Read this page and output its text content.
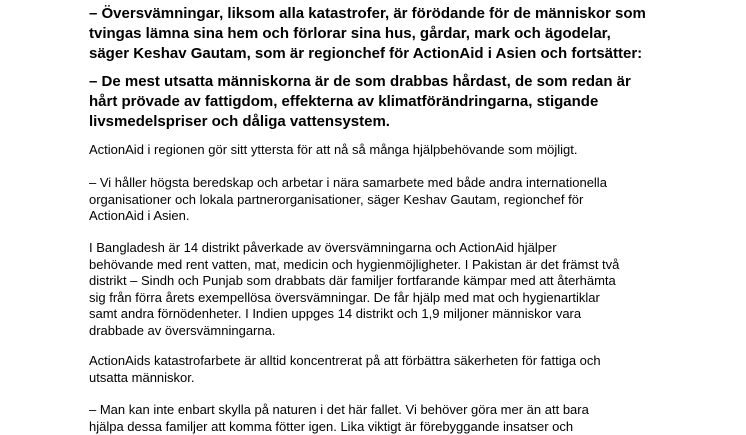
– Översvämningar, liksom alla katastrofer, är förödande för de människor som
tvingas lämna sina hem och förlorar sina hus, gårdar, mark och ägodelar,
säger Keshav Gautam, som är regionchef för ActionAid i Asien och fortsätter:
– De mest utsatta människorna är de som drabbas hårdast, de som redan är
hårt prövade av fattigdom, effekterna av klimatförändringarna, stigande
livsmedelspriser och dåliga vattensystem.
ActionAid i regionen gör sitt yttersta för att nå så många hjälpbehövande som möjligt.
– Vi håller högsta beredskap och arbetar i nära samarbete med både andra internationella
organisationer och lokala partnerorganisationer, säger Keshav Gautam, regionchef för
ActionAid i Asien.
I Bangladesh är 14 distrikt påverkade av översvämningarna och ActionAid hjälper
behövande med rent vatten, mat, medicin och hygienmöjligheter. I Pakistan är det främst två
distrikt – Sindh och Punjab som drabbats där familjer fortfarande kämpar med att återhämta
sig från förra årets exempellösa översvämningar. De får hjälp med mat och hygienartiklar
samt andra förnödenheter. I Indien uppges 14 distrikt och 1,9 miljoner människor vara
drabbade av översvämningarna.
ActionAids katastrofarbete är alltid koncentrerat på att förbättra säkerheten för fattiga och
utsatta människor.
– Man kan inte enbart skylla på naturen i det här fallet. Vi behöver göra mer än att bara
hjälpa dessa familjer att komma fötter igen. Lika viktigt är förebyggande insatser och
